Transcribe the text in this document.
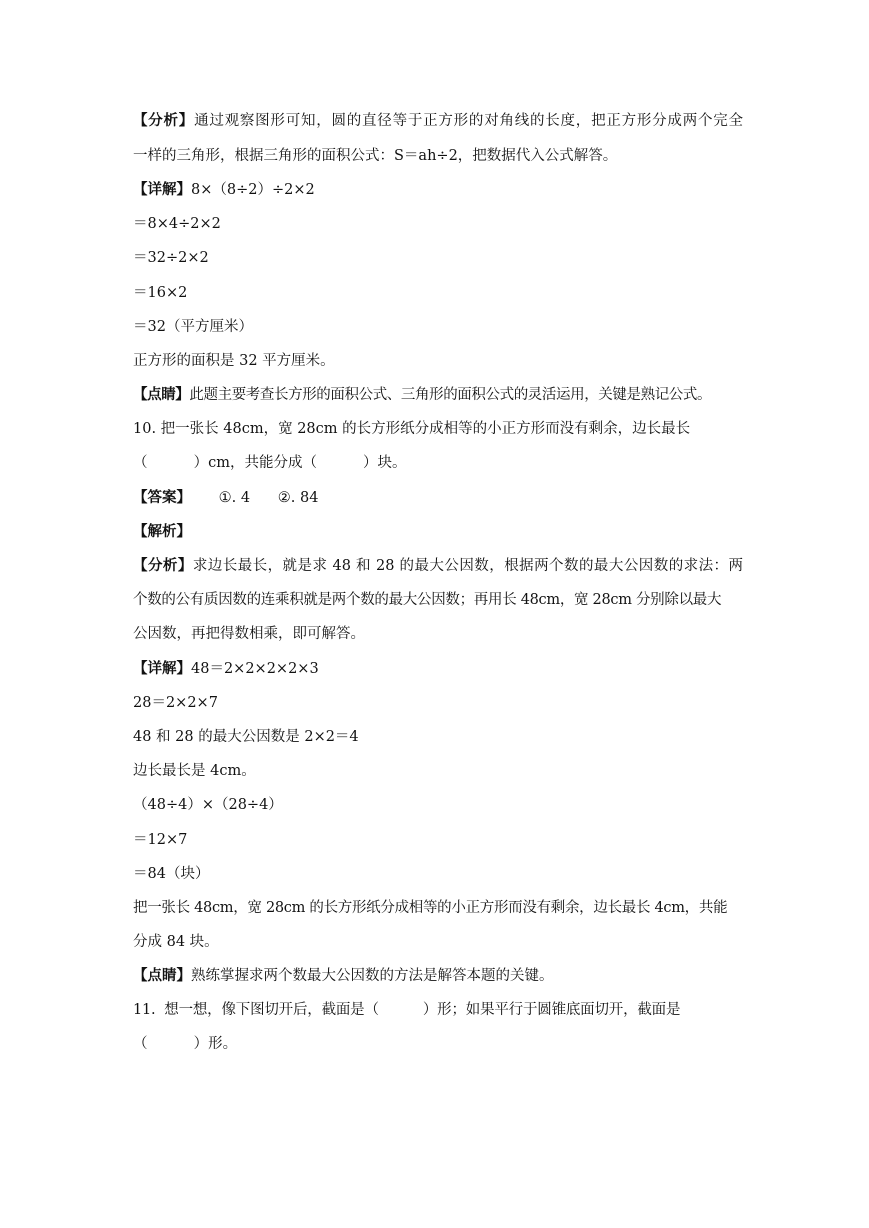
【分析】通过观察图形可知，圆的直径等于正方形的对角线的长度，把正方形分成两个完全
一样的三角形，根据三角形的面积公式：S＝ah÷2，把数据代入公式解答。
【详解】8×（8÷2）÷2×2
＝8×4÷2×2
＝32÷2×2
＝16×2
＝32（平方厘米）
正方形的面积是 32 平方厘米。
【点睛】此题主要考查长方形的面积公式、三角形的面积公式的灵活运用，关键是熟记公式。
10. 把一张长 48cm，宽 28cm 的长方形纸分成相等的小正方形而没有剩余，边长最长
（          ）cm，共能分成（          ）块。
【答案】      ①. 4      ②. 84
【解析】
【分析】求边长最长，就是求 48 和 28 的最大公因数，根据两个数的最大公因数的求法：两
个数的公有质因数的连乘积就是两个数的最大公因数；再用长 48cm，宽 28cm 分别除以最大
公因数，再把得数相乘，即可解答。
【详解】48＝2×2×2×2×3
28＝2×2×7
48 和 28 的最大公因数是 2×2＝4
边长最长是 4cm。
（48÷4）×（28÷4）
＝12×7
＝84（块）
把一张长 48cm，宽 28cm 的长方形纸分成相等的小正方形而没有剩余，边长最长 4cm，共能
分成 84 块。
【点睛】熟练掌握求两个数最大公因数的方法是解答本题的关键。
11.  想一想，像下图切开后，截面是（          ）形；如果平行于圆锥底面切开，截面是
（          ）形。
